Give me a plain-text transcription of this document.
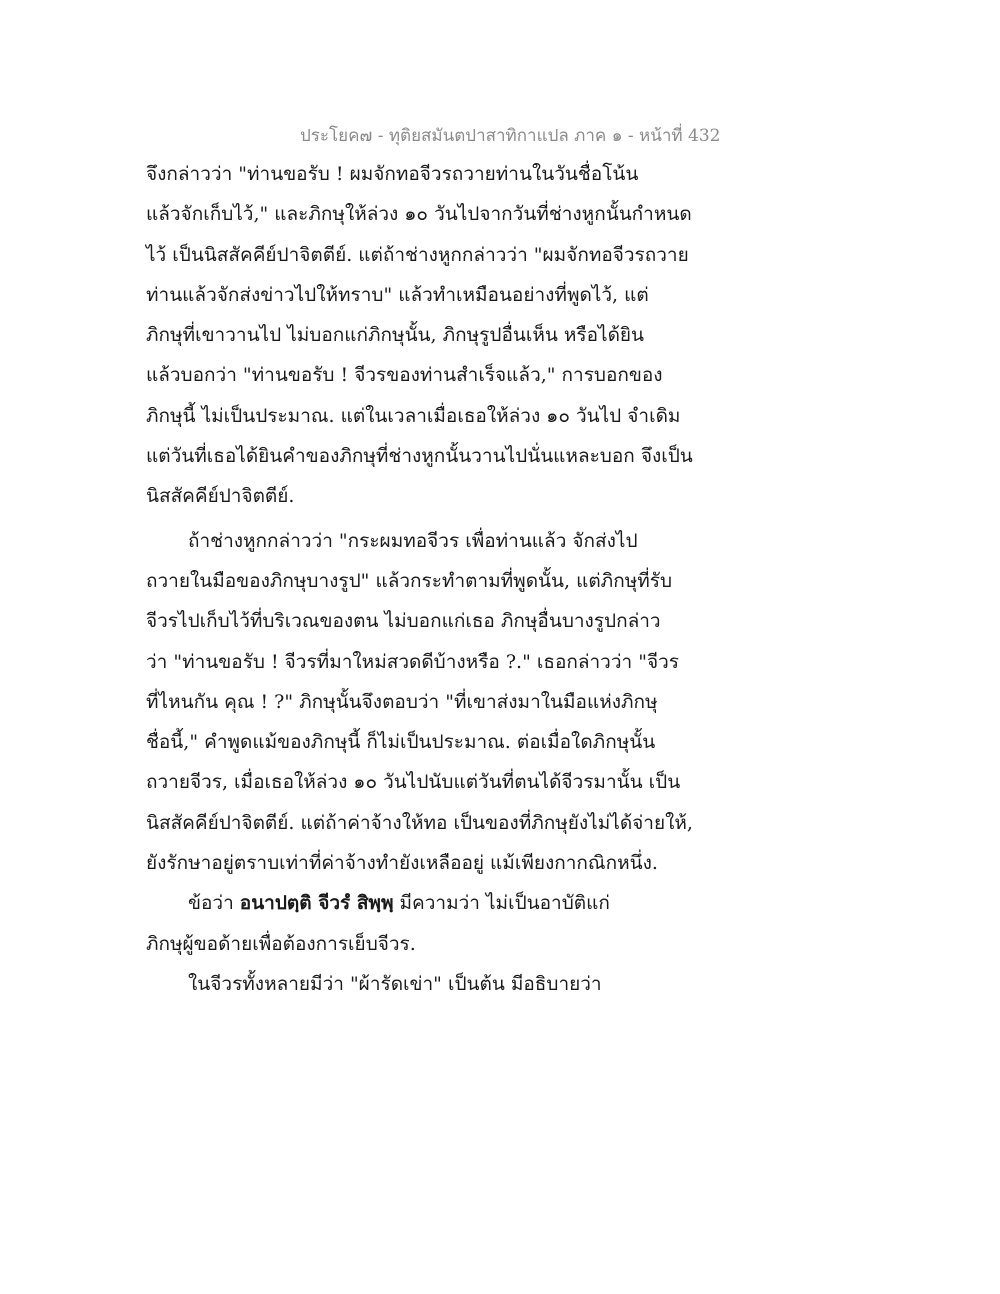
ประโยค๗ - ทุติยสมันตปาสาทิกาแปล ภาค ๑ - หน้าที่ 432
จึงกล่าวว่า "ท่านขอรับ ! ผมจักทอจีวรถวายท่านในวันชื่อโน้น
แล้วจักเก็บไว้," และภิกษุให้ล่วง ๑๐ วันไปจากวันที่ช่างหูกนั้นกำหนด
ไว้ เป็นนิสสัคคีย์ปาจิตตีย์. แต่ถ้าช่างหูกกล่าวว่า "ผมจักทอจีวรถวาย
ท่านแล้วจักส่งข่าวไปให้ทราบ" แล้วทำเหมือนอย่างที่พูดไว้, แต่
ภิกษุที่เขาวานไป ไม่บอกแก่ภิกษุนั้น, ภิกษุรูปอื่นเห็น หรือได้ยิน
แล้วบอกว่า "ท่านขอรับ ! จีวรของท่านสำเร็จแล้ว," การบอกของ
ภิกษุนี้ ไม่เป็นประมาณ. แต่ในเวลาเมื่อเธอให้ล่วง ๑๐ วันไป จำเดิม
แต่วันที่เธอได้ยินคำของภิกษุที่ช่างหูกนั้นวานไปนั่นแหละบอก จึงเป็น
นิสสัคคีย์ปาจิตตีย์.
ถ้าช่างหูกกล่าวว่า "กระผมทอจีวร เพื่อท่านแล้ว จักส่งไป
ถวายในมือของภิกษุบางรูป" แล้วกระทำตามที่พูดนั้น, แต่ภิกษุที่รับ
จีวรไปเก็บไว้ที่บริเวณของตน ไม่บอกแก่เธอ ภิกษุอื่นบางรูปกล่าว
ว่า "ท่านขอรับ ! จีวรที่มาใหม่สวดดีบ้างหรือ ?." เธอกล่าวว่า "จีวร
ที่ไหนกัน คุณ ! ?" ภิกษุนั้นจึงตอบว่า "ที่เขาส่งมาในมือแห่งภิกษุ
ชื่อนี้," คำพูดแม้ของภิกษุนี้ ก็ไม่เป็นประมาณ. ต่อเมื่อใดภิกษุนั้น
ถวายจีวร, เมื่อเธอให้ล่วง ๑๐ วันไปนับแต่วันที่ตนได้จีวรมานั้น เป็น
นิสสัคคีย์ปาจิตตีย์. แต่ถ้าค่าจ้างให้ทอ เป็นของที่ภิกษุยังไม่ได้จ่ายให้,
ยังรักษาอยู่ตราบเท่าที่ค่าจ้างทำยังเหลืออยู่ แม้เพียงกากณิกหนึ่ง.
ข้อว่า อนาปตฺติ จีวรํ สิพฺพฺ มีความว่า ไม่เป็นอาบัติแก่
ภิกษุผู้ขอด้ายเพื่อต้องการเย็บจีวร.
ในจีวรทั้งหลายมีว่า "ผ้ารัดเข่า" เป็นต้น มีอธิบายว่า
